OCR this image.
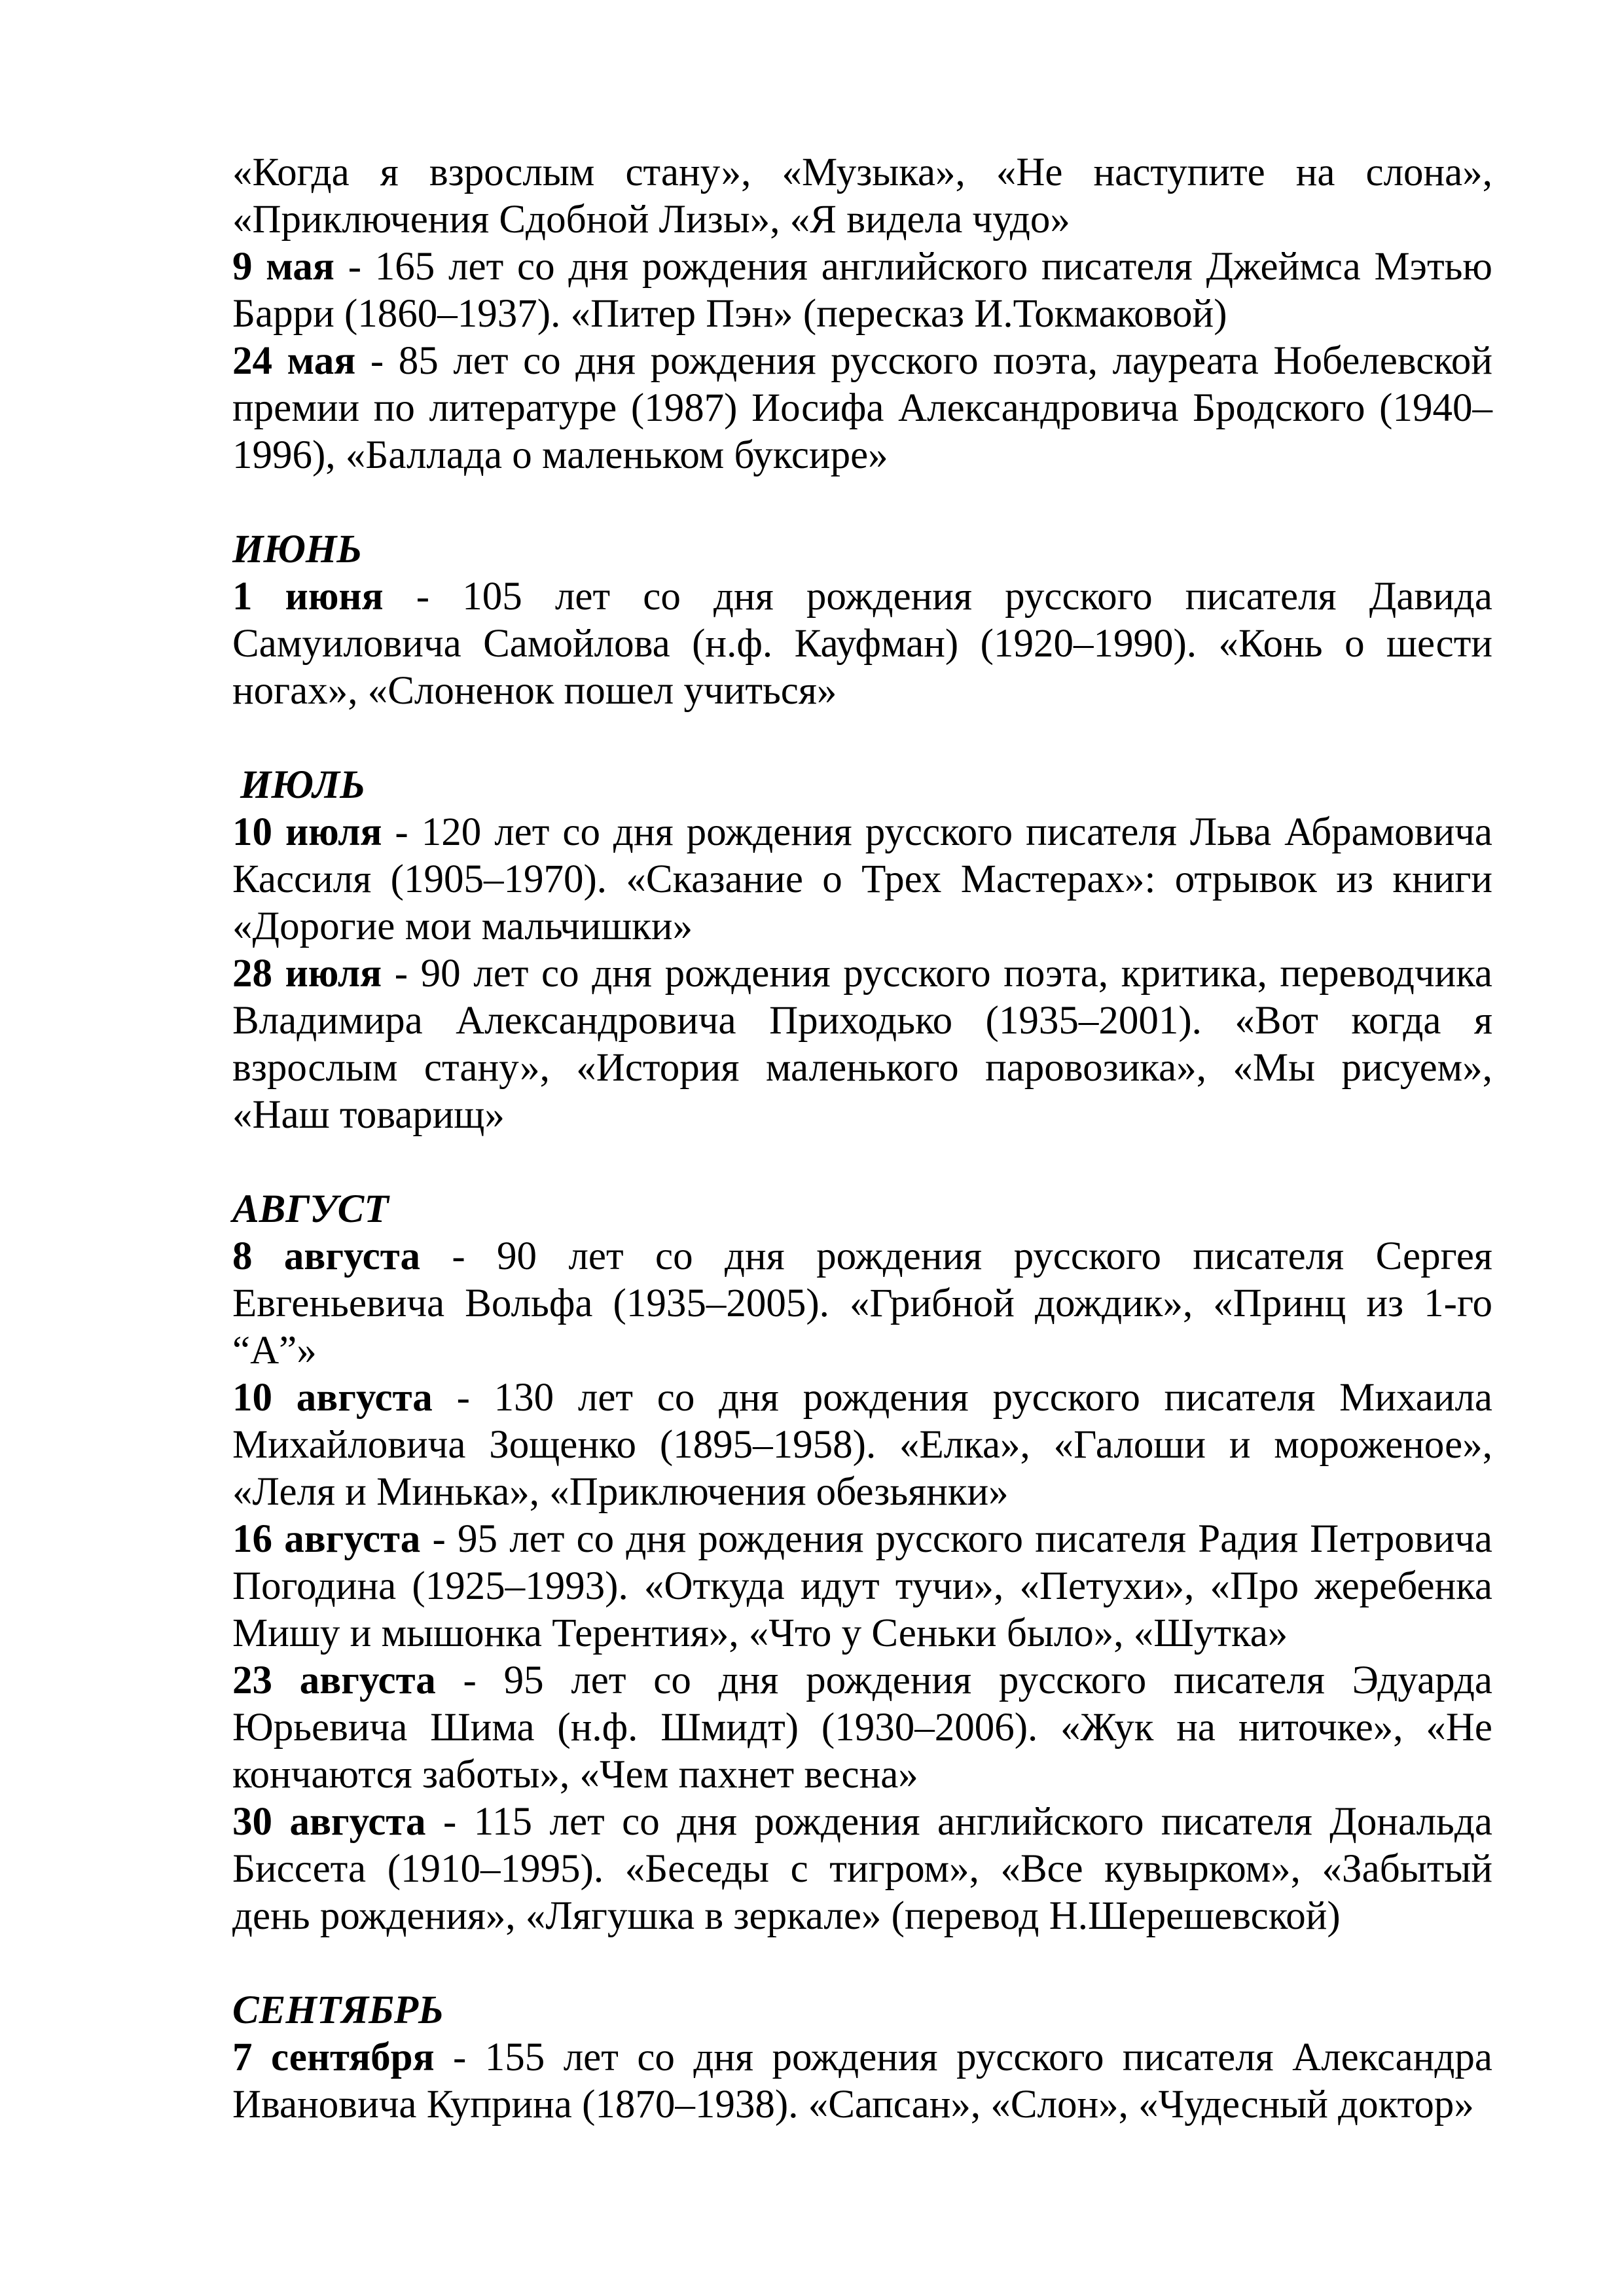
«Когда я взрослым стану», «Музыка», «Не наступите на слона», «Приключения Сдобной Лизы», «Я видела чудо»

9 мая - 165 лет со дня рождения английского писателя Джеймса Мэтью Барри (1860–1937). «Питер Пэн» (пересказ И.Токмаковой)

24 мая - 85 лет со дня рождения русского поэта, лауреата Нобелевской премии по литературе (1987) Иосифа Александровича Бродского (1940–1996), «Баллада о маленьком буксире»

ИЮНЬ

1 июня - 105 лет со дня рождения русского писателя Давида Самуиловича Самойлова (н.ф. Кауфман) (1920–1990). «Конь о шести ногах», «Слоненок пошел учиться»

ИЮЛЬ

10 июля - 120 лет со дня рождения русского писателя Льва Абрамовича Кассиля (1905–1970). «Сказание о Трех Мастерах»: отрывок из книги «Дорогие мои мальчишки»

28 июля - 90 лет со дня рождения русского поэта, критика, переводчика Владимира Александровича Приходько (1935–2001). «Вот когда я взрослым стану», «История маленького паровозика», «Мы рисуем», «Наш товарищ»

АВГУСТ

8 августа - 90 лет со дня рождения русского писателя Сергея Евгеньевича Вольфа (1935–2005). «Грибной дождик», «Принц из 1-го “А”»

10 августа - 130 лет со дня рождения русского писателя Михаила Михайловича Зощенко (1895–1958). «Елка», «Галоши и мороженое», «Леля и Минька», «Приключения обезьянки»

16 августа - 95 лет со дня рождения русского писателя Радия Петровича Погодина (1925–1993). «Откуда идут тучи», «Петухи», «Про жеребенка Мишу и мышонка Терентия», «Что у Сеньки было», «Шутка»

23 августа - 95 лет со дня рождения русского писателя Эдуарда Юрьевича Шима (н.ф. Шмидт) (1930–2006). «Жук на ниточке», «Не кончаются заботы», «Чем пахнет весна»

30 августа - 115 лет со дня рождения английского писателя Дональда Биссета (1910–1995). «Беседы с тигром», «Все кувырком», «Забытый день рождения», «Лягушка в зеркале» (перевод Н.Шерешевской)

СЕНТЯБРЬ

7 сентября - 155 лет со дня рождения русского писателя Александра Ивановича Куприна (1870–1938). «Сапсан», «Слон», «Чудесный доктор»
